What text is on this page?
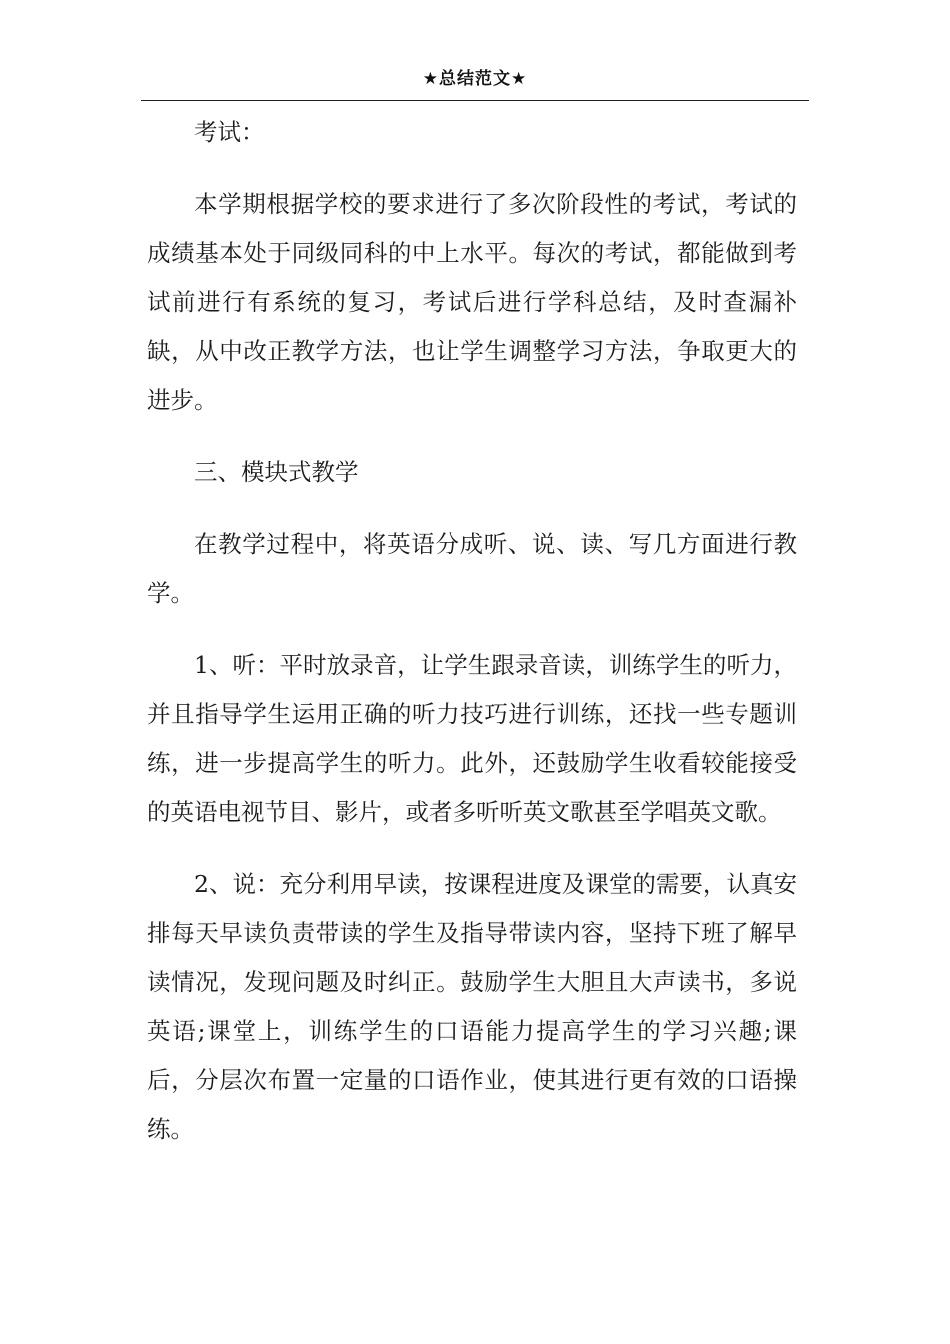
★总结范文★

考试：

本学期根据学校的要求进行了多次阶段性的考试，考试的成绩基本处于同级同科的中上水平。每次的考试，都能做到考试前进行有系统的复习，考试后进行学科总结，及时查漏补缺，从中改正教学方法，也让学生调整学习方法，争取更大的进步。

三、模块式教学

在教学过程中，将英语分成听、说、读、写几方面进行教学。

1、听：平时放录音，让学生跟录音读，训练学生的听力，并且指导学生运用正确的听力技巧进行训练，还找一些专题训练，进一步提高学生的听力。此外，还鼓励学生收看较能接受的英语电视节目、影片，或者多听听英文歌甚至学唱英文歌。

2、说：充分利用早读，按课程进度及课堂的需要，认真安排每天早读负责带读的学生及指导带读内容，坚持下班了解早读情况，发现问题及时纠正。鼓励学生大胆且大声读书，多说英语;课堂上，训练学生的口语能力提高学生的学习兴趣;课后，分层次布置一定量的口语作业，使其进行更有效的口语操练。
